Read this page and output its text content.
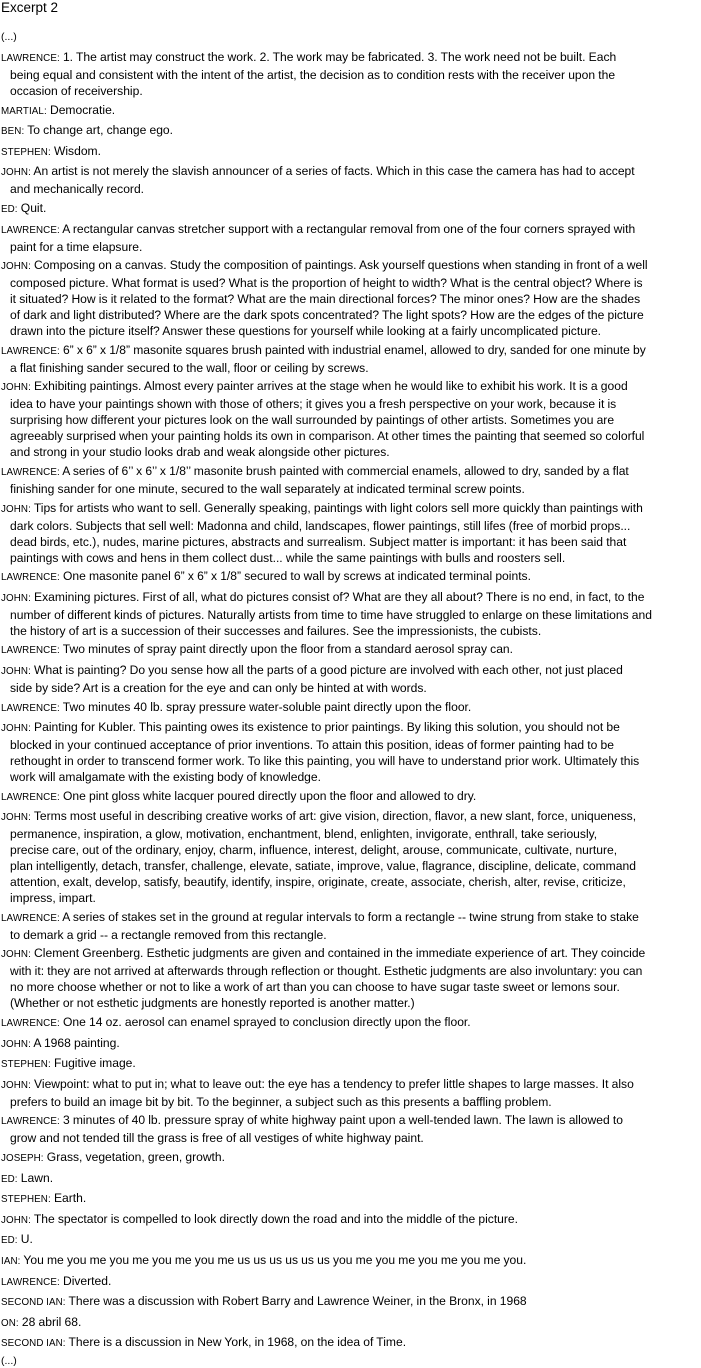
Excerpt 2
(...)

LAWRENCE: 1. The artist may construct the work. 2. The work may be fabricated. 3. The work need not be built. Each
being equal and consistent with the intent of the artist, the decision as to condition rests with the receiver upon the
occasion of receivership.

MARTIAL: Democratie.

BEN: To change art, change ego.

STEPHEN: Wisdom.

JOHN: An artist is not merely the slavish announcer of a series of facts. Which in this case the camera has had to accept
and mechanically record.

ED: Quit.

LAWRENCE: A rectangular canvas stretcher support with a rectangular removal from one of the four corners sprayed with
paint for a time elapsure.

JOHN: Composing on a canvas. Study the composition of paintings. Ask yourself questions when standing in front of a well
composed picture. What format is used? What is the proportion of height to width? What is the central object? Where is
it situated? How is it related to the format? What are the main directional forces? The minor ones? How are the shades
of dark and light distributed? Where are the dark spots concentrated? The light spots? How are the edges of the picture
drawn into the picture itself? Answer these questions for yourself while looking at a fairly uncomplicated picture.

LAWRENCE: 6” x 6” x 1/8” masonite squares brush painted with industrial enamel, allowed to dry, sanded for one minute by
a flat finishing sander secured to the wall, floor or ceiling by screws.

JOHN: Exhibiting paintings. Almost every painter arrives at the stage when he would like to exhibit his work. It is a good
idea to have your paintings shown with those of others; it gives you a fresh perspective on your work, because it is
surprising how different your pictures look on the wall surrounded by paintings of other artists. Sometimes you are
agreeably surprised when your painting holds its own in comparison. At other times the painting that seemed so colorful
and strong in your studio looks drab and weak alongside other pictures.

LAWRENCE: A series of 6’’ x 6’’ x 1/8’’ masonite brush painted with commercial enamels, allowed to dry, sanded by a flat
finishing sander for one minute, secured to the wall separately at indicated terminal screw points.

JOHN: Tips for artists who want to sell. Generally speaking, paintings with light colors sell more quickly than paintings with
dark colors. Subjects that sell well: Madonna and child, landscapes, flower paintings, still lifes (free of morbid props...
dead birds, etc.), nudes, marine pictures, abstracts and surrealism. Subject matter is important: it has been said that
paintings with cows and hens in them collect dust... while the same paintings with bulls and roosters sell.

LAWRENCE: One masonite panel 6” x 6” x 1/8” secured to wall by screws at indicated terminal points.

JOHN: Examining pictures. First of all, what do pictures consist of? What are they all about? There is no end, in fact, to the
number of different kinds of pictures. Naturally artists from time to time have struggled to enlarge on these limitations and
the history of art is a succession of their successes and failures. See the impressionists, the cubists.

LAWRENCE: Two minutes of spray paint directly upon the floor from a standard aerosol spray can.

JOHN: What is painting? Do you sense how all the parts of a good picture are involved with each other, not just placed
side by side? Art is a creation for the eye and can only be hinted at with words.

LAWRENCE: Two minutes 40 lb. spray pressure water-soluble paint directly upon the floor.

JOHN: Painting for Kubler. This painting owes its existence to prior paintings. By liking this solution, you should not be
blocked in your continued acceptance of prior inventions. To attain this position, ideas of former painting had to be
rethought in order to transcend former work. To like this painting, you will have to understand prior work. Ultimately this
work will amalgamate with the existing body of knowledge.

LAWRENCE: One pint gloss white lacquer poured directly upon the floor and allowed to dry.

JOHN: Terms most useful in describing creative works of art: give vision, direction, flavor, a new slant, force, uniqueness,
permanence, inspiration, a glow, motivation, enchantment, blend, enlighten, invigorate, enthrall, take seriously,
precise care, out of the ordinary, enjoy, charm, influence, interest, delight, arouse, communicate, cultivate, nurture,
plan intelligently, detach, transfer, challenge, elevate, satiate, improve, value, flagrance, discipline, delicate, command
attention, exalt, develop, satisfy, beautify, identify, inspire, originate, create, associate, cherish, alter, revise, criticize,
impress, impart.

LAWRENCE: A series of stakes set in the ground at regular intervals to form a rectangle -- twine strung from stake to stake
to demark a grid -- a rectangle removed from this rectangle.

JOHN: Clement Greenberg. Esthetic judgments are given and contained in the immediate experience of art. They coincide
with it: they are not arrived at afterwards through reflection or thought. Esthetic judgments are also involuntary: you can
no more choose whether or not to like a work of art than you can choose to have sugar taste sweet or lemons sour.
(Whether or not esthetic judgments are honestly reported is another matter.)

LAWRENCE: One 14 oz. aerosol can enamel sprayed to conclusion directly upon the floor.

JOHN: A 1968 painting.

STEPHEN: Fugitive image.

JOHN: Viewpoint: what to put in; what to leave out: the eye has a tendency to prefer little shapes to large masses. It also
prefers to build an image bit by bit. To the beginner, a subject such as this presents a baffling problem.

LAWRENCE: 3 minutes of 40 lb. pressure spray of white highway paint upon a well-tended lawn. The lawn is allowed to
grow and not tended till the grass is free of all vestiges of white highway paint.

JOSEPH: Grass, vegetation, green, growth.

ED: Lawn.

STEPHEN: Earth.

JOHN: The spectator is compelled to look directly down the road and into the middle of the picture.

ED: U.

IAN: You me you me you me you me you me us us us us us us you me you me you me you me you.

LAWRENCE: Diverted.

SECOND IAN: There was a discussion with Robert Barry and Lawrence Weiner, in the Bronx, in 1968

ON: 28 abril 68.

SECOND IAN: There is a discussion in New York, in 1968, on the idea of Time.

(...)
